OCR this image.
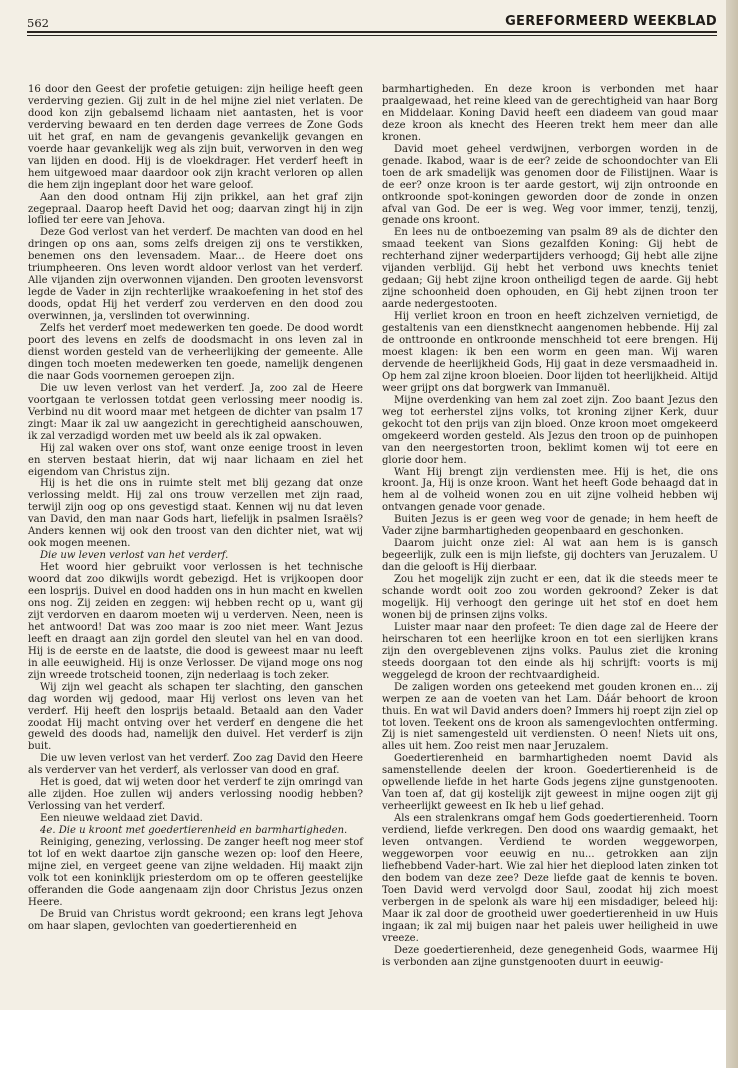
562	GEREFORMEERD WEEKBLAD

16 door den Geest der profetie getuigen: zijn heilige heeft geen verderving gezien. Gij zult in de hel mijne ziel niet verlaten. De dood kon zijn gebalsemd lichaam niet aantasten, het is voor verderving bewaard en ten derden dage verrees de Zone Gods uit het graf, en nam de gevangenis gevankelijk gevangen en voerde haar gevankelijk weg als zijn buit, verworven in den weg van lijden en dood. Hij is de vloekdrager. Het verderf heeft in hem uitgewoed maar daardoor ook zijn kracht verloren op allen die hem zijn ingeplant door het ware geloof.

Aan den dood ontnam Hij zijn prikkel, aan het graf zijn zegepraal. Daarop heeft David het oog; daarvan zingt hij in zijn loflied ter eere van Jehova.

Deze God verlost van het verderf. De machten van dood en hel dringen op ons aan, soms zelfs dreigen zij ons te verstikken, benemen ons den levensadem. Maar... de Heere doet ons triumpheeren. Ons leven wordt aldoor verlost van het verderf. Alle vijanden zijn overwonnen vijanden. Den grooten levensvorst legde de Vader in zijn rechterlijke wraakoefening in het stof des doods, opdat Hij het verderf zou verderven en den dood zou overwinnen, ja, verslinden tot overwinning.

Zelfs het verderf moet medewerken ten goede. De dood wordt poort des levens en zelfs de doodsmacht in ons leven zal in dienst worden gesteld van de verheerlijking der gemeente. Alle dingen toch moeten medewerken ten goede, namelijk dengenen die naar Gods voornemen geroepen zijn.

Die uw leven verlost van het verderf. Ja, zoo zal de Heere voortgaan te verlossen totdat geen verlossing meer noodig is. Verbind nu dit woord maar met hetgeen de dichter van psalm 17 zingt: Maar ik zal uw aangezicht in gerechtigheid aanschouwen, ik zal verzadigd worden met uw beeld als ik zal opwaken.

Hij zal waken over ons stof, want onze eenige troost in leven en sterven bestaat hierin, dat wij naar lichaam en ziel het eigendom van Christus zijn.

Hij is het die ons in ruimte stelt met blij gezang dat onze verlossing meldt. Hij zal ons trouw verzellen met zijn raad, terwijl zijn oog op ons gevestigd staat. Kennen wij nu dat leven van David, den man naar Gods hart, liefelijk in psalmen Israëls? Anders kennen wij ook den troost van den dichter niet, wat wij ook mogen meenen.

Die uw leven verlost van het verderf.

Het woord hier gebruikt voor verlossen is het technische woord dat zoo dikwijls wordt gebezigd. Het is vrijkoopen door een losprijs. Duivel en dood hadden ons in hun macht en kwellen ons nog. Zij zeiden en zeggen: wij hebben recht op u, want gij zijt verdorven en daarom moeten wij u verderven. Neen, neen is het antwoord! Dat was zoo maar is zoo niet meer. Want Jezus leeft en draagt aan zijn gordel den sleutel van hel en van dood. Hij is de eerste en de laatste, die dood is geweest maar nu leeft in alle eeuwigheid. Hij is onze Verlosser. De vijand moge ons nog zijn wreede trotscheid toonen, zijn nederlaag is toch zeker.

Wij zijn wel geacht als schapen ter slachting, den ganschen dag worden wij gedood, maar Hij verlost ons leven van het verderf. Hij heeft den losprijs betaald. Betaald aan den Vader zoodat Hij macht ontving over het verderf en dengene die het geweld des doods had, namelijk den duivel. Het verderf is zijn buit.

Die uw leven verlost van het verderf. Zoo zag David den Heere als verderver van het verderf, als verlosser van dood en graf.

Het is goed, dat wij weten door het verderf te zijn omringd van alle zijden. Hoe zullen wij anders verlossing noodig hebben? Verlossing van het verderf.

Een nieuwe weldaad ziet David.

4e. Die u kroont met goedertierenheid en barmhartigheden.

Reiniging, genezing, verlossing. De zanger heeft nog meer stof tot lof en wekt daartoe zijn gansche wezen op: loof den Heere, mijne ziel, en vergeet geene van zijne weldaden. Hij maakt zijn volk tot een koninklijk priesterdom om op te offeren geestelijke offeranden die Gode aangenaam zijn door Christus Jezus onzen Heere.

De Bruid van Christus wordt gekroond; een krans legt Jehova om haar slapen, gevlochten van goedertierenheid en

barmhartigheden. En deze kroon is verbonden met haar praalgewaad, het reine kleed van de gerechtigheid van haar Borg en Middelaar. Koning David heeft een diadeem van goud maar deze kroon als knecht des Heeren trekt hem meer dan alle kronen.

David moet geheel verdwijnen, verborgen worden in de genade. Ikabod, waar is de eer? zeide de schoondochter van Eli toen de ark smadelijk was genomen door de Filistijnen. Waar is de eer? onze kroon is ter aarde gestort, wij zijn ontroonde en ontkroonde spot-koningen geworden door de zonde in onzen afval van God. De eer is weg. Weg voor immer, tenzij, tenzij, genade ons kroont.

En lees nu de ontboezeming van psalm 89 als de dichter den smaad teekent van Sions gezalfden Koning: Gij hebt de rechterhand zijner wederpartijders verhoogd; Gij hebt alle zijne vijanden verblijd. Gij hebt het verbond uws knechts teniet gedaan; Gij hebt zijne kroon ontheiligd tegen de aarde. Gij hebt zijne schoonheid doen ophouden, en Gij hebt zijnen troon ter aarde nedergestooten.

Hij verliet kroon en troon en heeft zichzelven vernietigd, de gestaltenis van een dienstknecht aangenomen hebbende. Hij zal de onttroonde en ontkroonde menschheid tot eere brengen. Hij moest klagen: ik ben een worm en geen man. Wij waren dervende de heerlijkheid Gods, Hij gaat in deze versmaadheid in. Op hem zal zijne kroon bloeien. Door lijden tot heerlijkheid. Altijd weer grijpt ons dat borgwerk van Immanuël.

Mijne overdenking van hem zal zoet zijn. Zoo baant Jezus den weg tot eerherstel zijns volks, tot kroning zijner Kerk, duur gekocht tot den prijs van zijn bloed. Onze kroon moet omgekeerd omgekeerd worden gesteld. Als Jezus den troon op de puinhopen van den neergestorten troon, beklimt komen wij tot eere en glorie door hem.

Want Hij brengt zijn verdiensten mee. Hij is het, die ons kroont. Ja, Hij is onze kroon. Want het heeft Gode behaagd dat in hem al de volheid wonen zou en uit zijne volheid hebben wij ontvangen genade voor genade.

Buiten Jezus is er geen weg voor de genade; in hem heeft de Vader zijne barmhartigheden geopenbaard en geschonken.

Daarom juicht onze ziel: Al wat aan hem is is gansch begeerlijk, zulk een is mijn liefste, gij dochters van Jeruzalem. U dan die gelooft is Hij dierbaar.

Zou het mogelijk zijn zucht er een, dat ik die steeds meer te schande wordt ooit zoo zou worden gekroond? Zeker is dat mogelijk. Hij verhoogt den geringe uit het stof en doet hem wonen bij de prinsen zijns volks.

Luister maar naar den profeet: Te dien dage zal de Heere der heirscharen tot een heerlijke kroon en tot een sierlijken krans zijn den overgeblevenen zijns volks. Paulus ziet die kroning steeds doorgaan tot den einde als hij schrijft: voorts is mij weggelegd de kroon der rechtvaardigheid.

De zaligen worden ons geteekend met gouden kronen en... zij werpen ze aan de voeten van het Lam. Dáár behoort de kroon thuis. En wat wil David anders doen? Immers hij roept zijn ziel op tot loven. Teekent ons de kroon als samengevlochten ontferming. Zij is niet samengesteld uit verdiensten. O neen! Niets uit ons, alles uit hem. Zoo reist men naar Jeruzalem.

Goedertierenheid en barmhartigheden noemt David als samenstellende deelen der kroon. Goedertierenheid is de opwellende liefde in het harte Gods jegens zijne gunstgenooten. Van toen af, dat gij kostelijk zijt geweest in mijne oogen zijt gij verheerlijkt geweest en Ik heb u lief gehad.

Als een stralenkrans omgaf hem Gods goedertierenheid. Toorn verdiend, liefde verkregen. Den dood ons waardig gemaakt, het leven ontvangen. Verdiend te worden weggeworpen, weggeworpen voor eeuwig en nu... getrokken aan zijn liefhebbend Vader-hart. Wie zal hier het dieplood laten zinken tot den bodem van deze zee? Deze liefde gaat de kennis te boven. Toen David werd vervolgd door Saul, zoodat hij zich moest verbergen in de spelonk als ware hij een misdadiger, beleed hij: Maar ik zal door de grootheid uwer goedertierenheid in uw Huis ingaan; ik zal mij buigen naar het paleis uwer heiligheid in uwe vreeze.

Deze goedertierenheid, deze genegenheid Gods, waarmee Hij is verbonden aan zijne gunstgenooten duurt in eeuwig-
